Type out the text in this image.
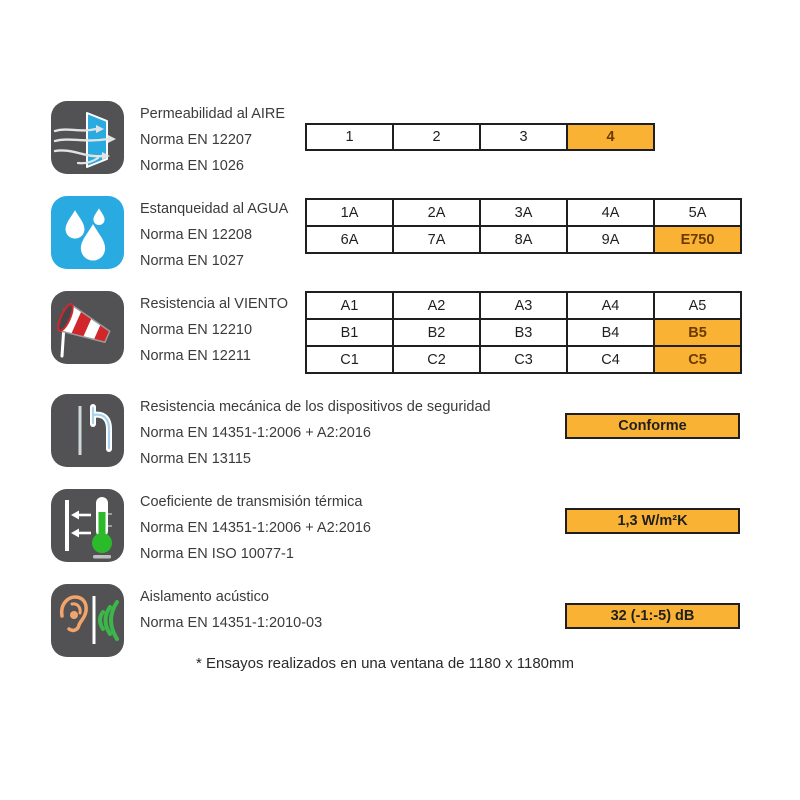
Permeabilidad al AIRE
Norma EN 12207
Norma EN 1026
1	2	3	4
Estanqueidad al AGUA
Norma EN 12208
Norma EN 1027
1A	2A	3A	4A	5A
6A	7A	8A	9A	E750
Resistencia al VIENTO
Norma EN 12210
Norma EN 12211
A1	A2	A3	A4	A5
B1	B2	B3	B4	B5
C1	C2	C3	C4	C5
Resistencia mecánica de los dispositivos de seguridad
Norma EN 14351-1:2006 + A2:2016
Norma EN 13115
Conforme
Coeficiente de transmisión térmica
Norma EN 14351-1:2006 + A2:2016
Norma EN ISO 10077-1
1,3 W/m²K
Aislamento acústico
Norma EN 14351-1:2010-03	32 (-1:-5) dB
* Ensayos realizados en una ventana de 1180 x 1180mm
